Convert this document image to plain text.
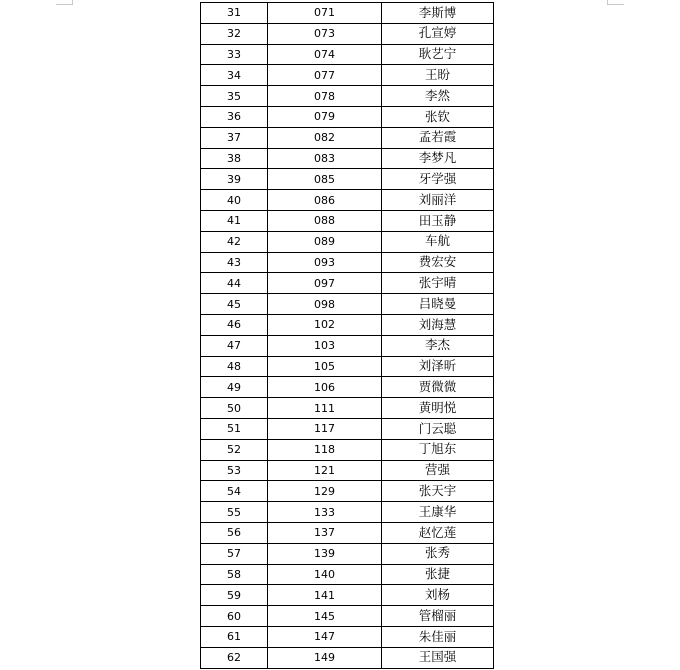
31	071	李斯博
32	073	孔宣婷
33	074	耿艺宁
34	077	王盼
35	078	李然
36	079	张钦
37	082	孟若霞
38	083	李梦凡
39	085	牙学强
40	086	刘丽洋
41	088	田玉静
42	089	车航
43	093	费宏安
44	097	张宇晴
45	098	吕晓曼
46	102	刘海慧
47	103	李杰
48	105	刘泽昕
49	106	贾微微
50	111	黄明悦
51	117	门云聪
52	118	丁旭东
53	121	营强
54	129	张天宇
55	133	王康华
56	137	赵忆莲
57	139	张秀
58	140	张捷
59	141	刘杨
60	145	管榴丽
61	147	朱佳丽
62	149	王国强
